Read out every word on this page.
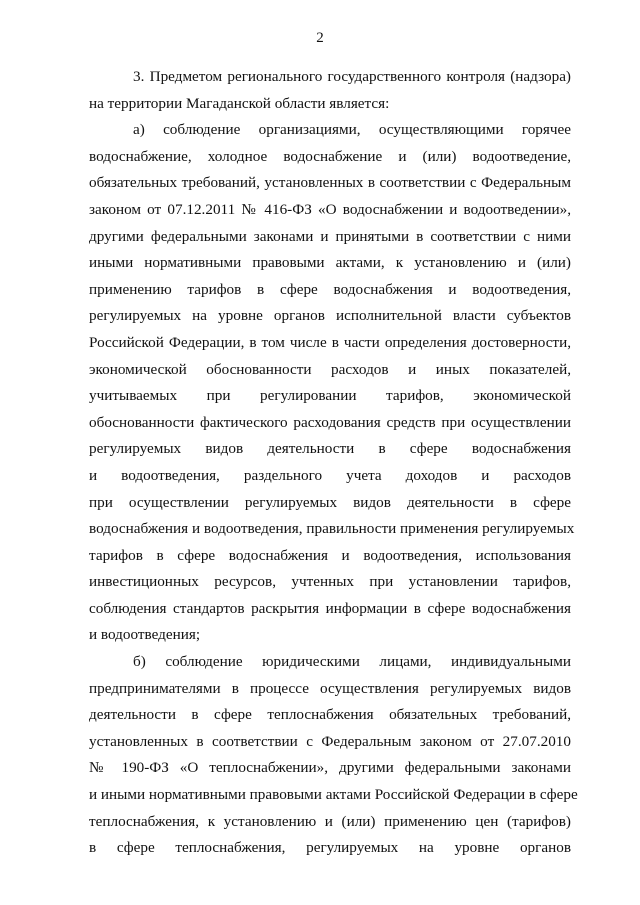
2
3. Предметом регионального государственного контроля (надзора)
на территории Магаданской области является:
а) соблюдение организациями, осуществляющими горячее
водоснабжение, холодное водоснабжение и (или) водоотведение,
обязательных требований, установленных в соответствии с Федеральным
законом от 07.12.2011 № 416-ФЗ «О водоснабжении и водоотведении»,
другими федеральными законами и принятыми в соответствии с ними
иными нормативными правовыми актами, к установлению и (или)
применению тарифов в сфере водоснабжения и водоотведения,
регулируемых на уровне органов исполнительной власти субъектов
Российской Федерации, в том числе в части определения достоверности,
экономической обоснованности расходов и иных показателей,
учитываемых при регулировании тарифов, экономической
обоснованности фактического расходования средств при осуществлении
регулируемых видов деятельности в сфере водоснабжения
и водоотведения, раздельного учета доходов и расходов
при осуществлении регулируемых видов деятельности в сфере
водоснабжения и водоотведения, правильности применения регулируемых
тарифов в сфере водоснабжения и водоотведения, использования
инвестиционных ресурсов, учтенных при установлении тарифов,
соблюдения стандартов раскрытия информации в сфере водоснабжения
и водоотведения;
б) соблюдение юридическими лицами, индивидуальными
предпринимателями в процессе осуществления регулируемых видов
деятельности в сфере теплоснабжения обязательных требований,
установленных в соответствии с Федеральным законом от 27.07.2010
№ 190-ФЗ «О теплоснабжении», другими федеральными законами
и иными нормативными правовыми актами Российской Федерации в сфере
теплоснабжения, к установлению и (или) применению цен (тарифов)
в сфере теплоснабжения, регулируемых на уровне органов
